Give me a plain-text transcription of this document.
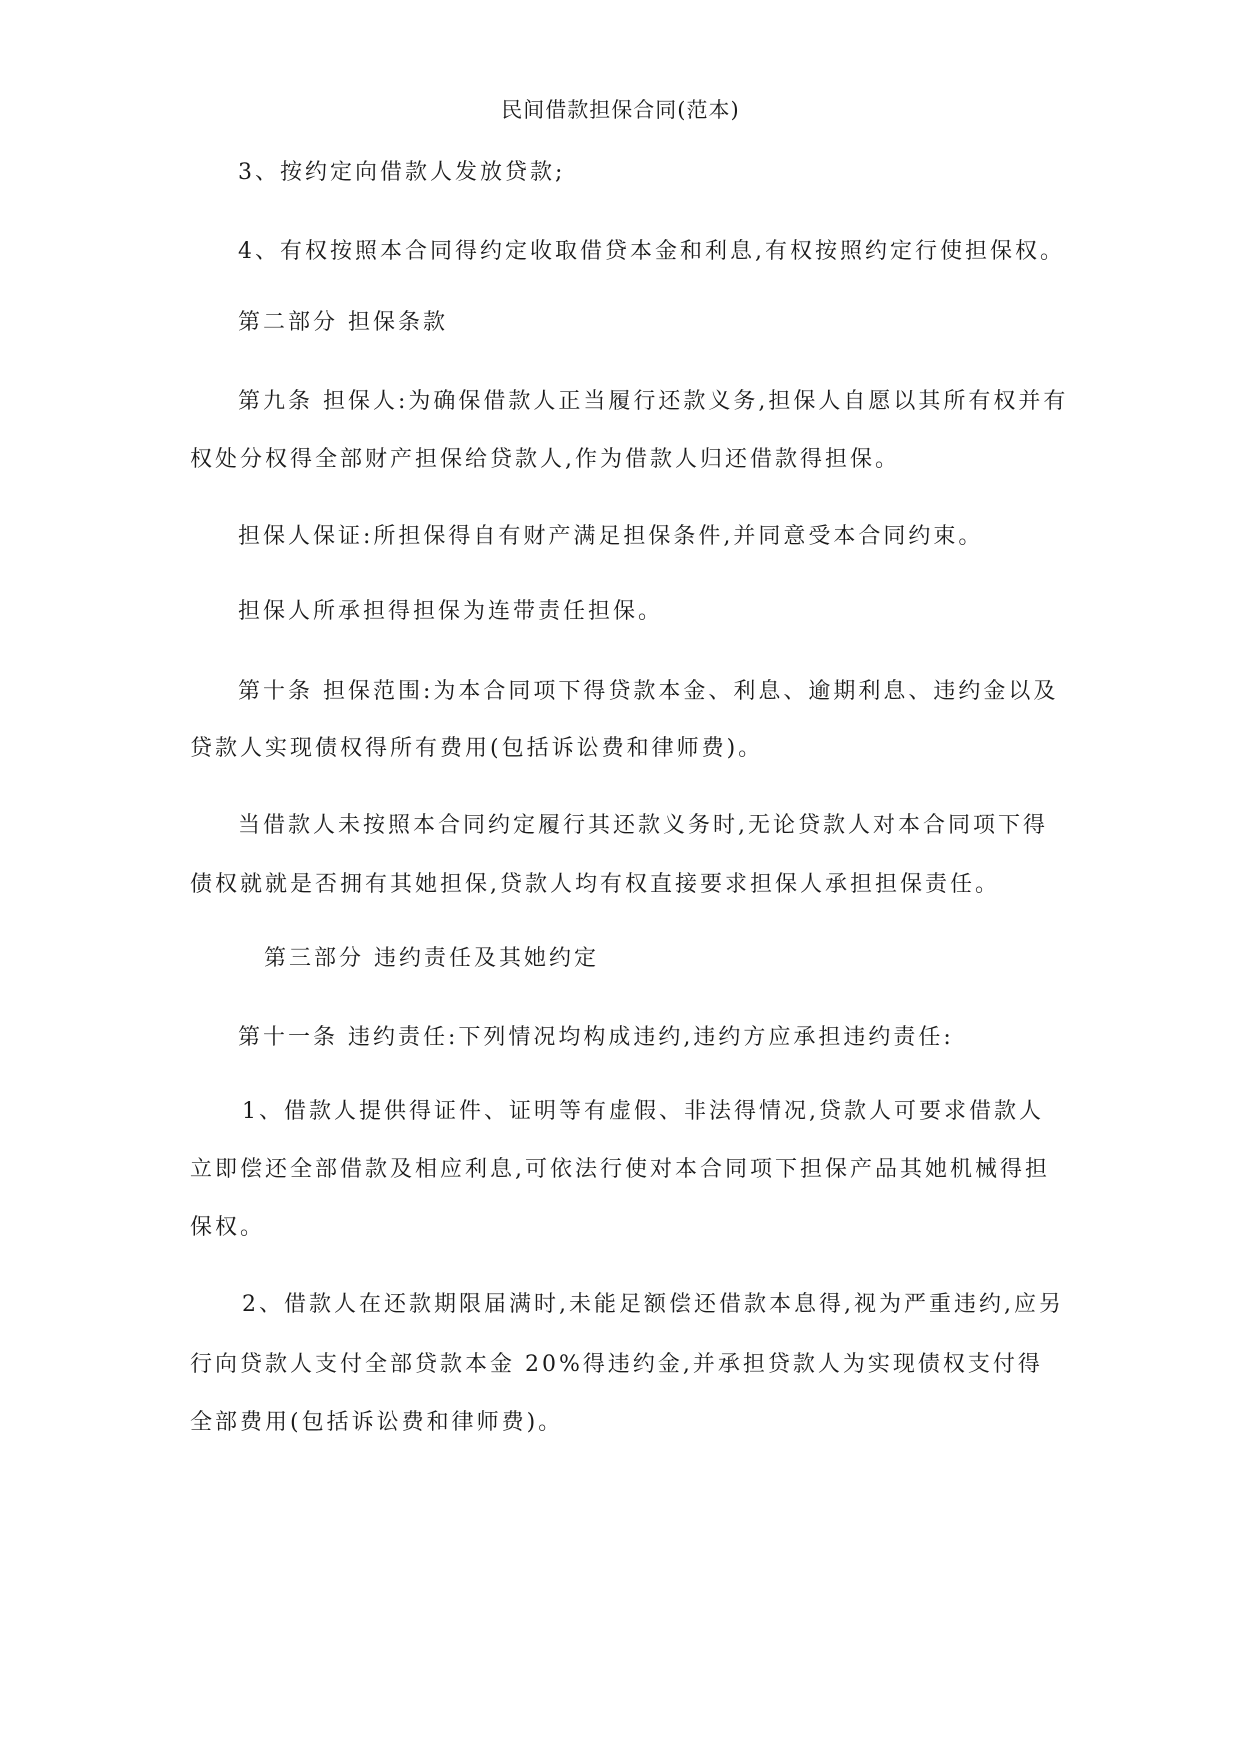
民间借款担保合同(范本)
3、按约定向借款人发放贷款;
4、有权按照本合同得约定收取借贷本金和利息,有权按照约定行使担保权。
第二部分 担保条款
第九条 担保人:为确保借款人正当履行还款义务,担保人自愿以其所有权并有
权处分权得全部财产担保给贷款人,作为借款人归还借款得担保。
担保人保证:所担保得自有财产满足担保条件,并同意受本合同约束。
担保人所承担得担保为连带责任担保。
第十条 担保范围:为本合同项下得贷款本金、利息、逾期利息、违约金以及
贷款人实现债权得所有费用(包括诉讼费和律师费)。
当借款人未按照本合同约定履行其还款义务时,无论贷款人对本合同项下得
债权就就是否拥有其她担保,贷款人均有权直接要求担保人承担担保责任。
第三部分 违约责任及其她约定
第十一条 违约责任:下列情况均构成违约,违约方应承担违约责任:
1、借款人提供得证件、证明等有虚假、非法得情况,贷款人可要求借款人
立即偿还全部借款及相应利息,可依法行使对本合同项下担保产品其她机械得担
保权。
2、借款人在还款期限届满时,未能足额偿还借款本息得,视为严重违约,应另
行向贷款人支付全部贷款本金 20%得违约金,并承担贷款人为实现债权支付得
全部费用(包括诉讼费和律师费)。
